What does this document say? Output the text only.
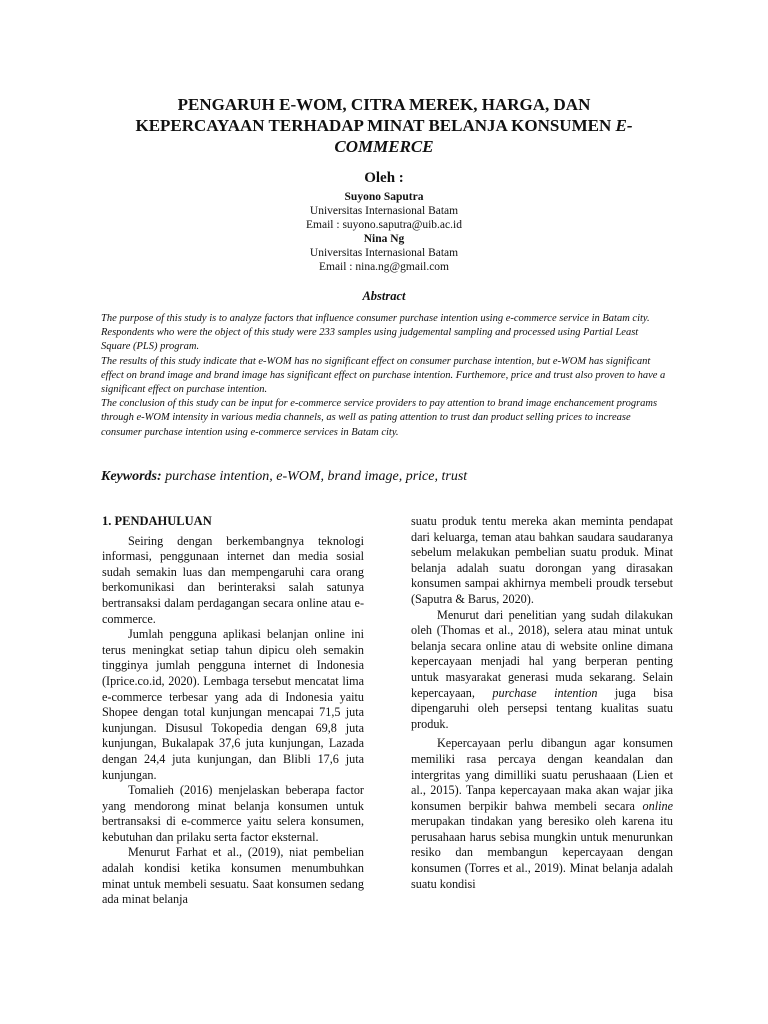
PENGARUH E-WOM, CITRA MEREK, HARGA, DAN
KEPERCAYAAN TERHADAP MINAT BELANJA KONSUMEN E-
COMMERCE
Oleh :
Suyono Saputra
Universitas Internasional Batam
Email : suyono.saputra@uib.ac.id
Nina Ng
Universitas Internasional Batam
Email : nina.ng@gmail.com
Abstract

The purpose of this study is to analyze factors that influence consumer purchase intention using e-commerce service in Batam city. Respondents who were the object of this study were 233 samples using judgemental sampling and processed using Partial Least Square (PLS) program.

The results of this study indicate that e-WOM has no significant effect on consumer purchase intention, but e-WOM has significant effect on brand image and brand image has significant effect on purchase intention. Furthemore, price and trust also proven to have a significant effect on purchase intention.

The conclusion of this study can be input for e-commerce service providers to pay attention to brand image enchancement programs through e-WOM intensity in various media channels, as well as pating attention to trust dan product selling prices to increase consumer purchase intention using e-commerce services in Batam city.

Keywords: purchase intention, e-WOM, brand image, price, trust
1. PENDAHULUAN

Seiring dengan berkembangnya teknologi informasi, penggunaan internet dan media sosial sudah semakin luas dan mempengaruhi cara orang berkomunikasi dan berinteraksi salah satunya bertransaksi dalam perdagangan secara online atau e-commerce.

Jumlah pengguna aplikasi belanjan online ini terus meningkat setiap tahun dipicu oleh semakin tingginya jumlah pengguna internet di Indonesia (Iprice.co.id, 2020). Lembaga tersebut mencatat lima e-commerce terbesar yang ada di Indonesia yaitu Shopee dengan total kunjungan mencapai 71,5 juta kunjungan. Disusul Tokopedia dengan 69,8 juta kunjungan, Bukalapak 37,6 juta kunjungan, Lazada dengan 24,4 juta kunjungan, dan Blibli 17,6 juta kunjungan.

Tomalieh (2016) menjelaskan beberapa factor yang mendorong minat belanja konsumen untuk bertransaksi di e-commerce yaitu selera konsumen, kebutuhan dan prilaku serta factor eksternal.

Menurut Farhat et al., (2019), niat pembelian adalah kondisi ketika konsumen menumbuhkan minat untuk membeli sesuatu. Saat konsumen sedang ada minat belanja

suatu produk tentu mereka akan meminta pendapat dari keluarga, teman atau bahkan saudara saudaranya sebelum melakukan pembelian suatu produk. Minat belanja adalah suatu dorongan yang dirasakan konsumen sampai akhirnya membeli proudk tersebut (Saputra & Barus, 2020).

Menurut dari penelitian yang sudah dilakukan oleh (Thomas et al., 2018), selera atau minat untuk belanja secara online atau di website online dimana kepercayaan menjadi hal yang berperan penting untuk masyarakat generasi muda sekarang. Selain kepercayaan, purchase intention juga bisa dipengaruhi oleh persepsi tentang kualitas suatu produk.

Kepercayaan perlu dibangun agar konsumen memiliki rasa percaya dengan keandalan dan intergritas yang dimilliki suatu perushaaan (Lien et al., 2015). Tanpa kepercayaan maka akan wajar jika konsumen berpikir bahwa membeli secara online merupakan tindakan yang beresiko oleh karena itu perusahaan harus sebisa mungkin untuk menurunkan resiko dan membangun kepercayaan dengan konsumen (Torres et al., 2019). Minat belanja adalah suatu kondisi
